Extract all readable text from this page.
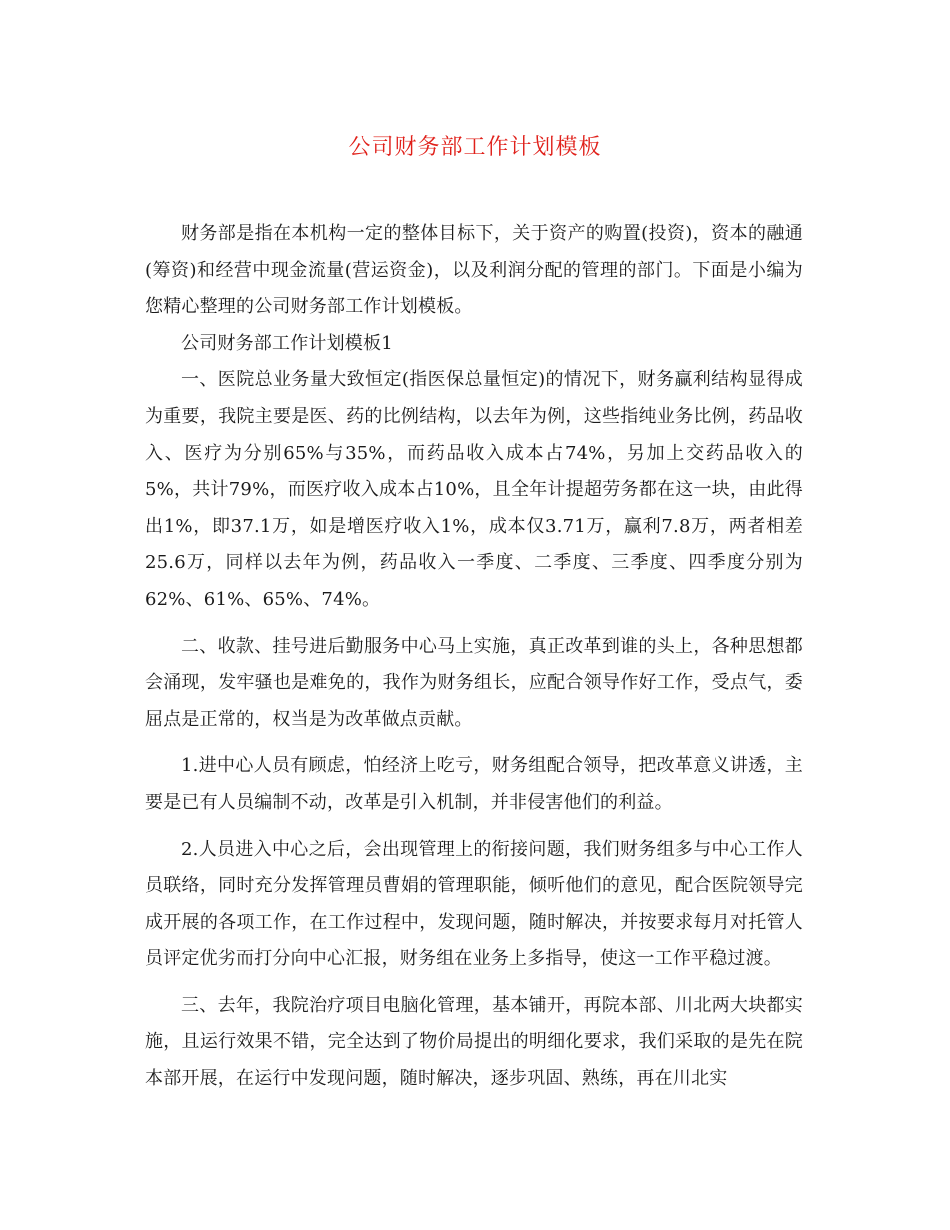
公司财务部工作计划模板

财务部是指在本机构一定的整体目标下，关于资产的购置(投资)，资本的融通(筹资)和经营中现金流量(营运资金)，以及利润分配的管理的部门。下面是小编为您精心整理的公司财务部工作计划模板。

公司财务部工作计划模板1

一、医院总业务量大致恒定(指医保总量恒定)的情况下，财务赢利结构显得成为重要，我院主要是医、药的比例结构，以去年为例，这些指纯业务比例，药品收入、医疗为分别65%与35%，而药品收入成本占74%，另加上交药品收入的5%，共计79%，而医疗收入成本占10%，且全年计提超劳务都在这一块，由此得出1%，即37.1万，如是增医疗收入1%，成本仅3.71万，赢利7.8万，两者相差25.6万，同样以去年为例，药品收入一季度、二季度、三季度、四季度分别为62%、61%、65%、74%。

二、收款、挂号进后勤服务中心马上实施，真正改革到谁的头上，各种思想都会涌现，发牢骚也是难免的，我作为财务组长，应配合领导作好工作，受点气，委屈点是正常的，权当是为改革做点贡献。

1.进中心人员有顾虑，怕经济上吃亏，财务组配合领导，把改革意义讲透，主要是已有人员编制不动，改革是引入机制，并非侵害他们的利益。

2.人员进入中心之后，会出现管理上的衔接问题，我们财务组多与中心工作人员联络，同时充分发挥管理员曹娟的管理职能，倾听他们的意见，配合医院领导完成开展的各项工作，在工作过程中，发现问题，随时解决，并按要求每月对托管人员评定优劣而打分向中心汇报，财务组在业务上多指导，使这一工作平稳过渡。

三、去年，我院治疗项目电脑化管理，基本铺开，再院本部、川北两大块都实施，且运行效果不错，完全达到了物价局提出的明细化要求，我们采取的是先在院本部开展，在运行中发现问题，随时解决，逐步巩固、熟练，再在川北实
